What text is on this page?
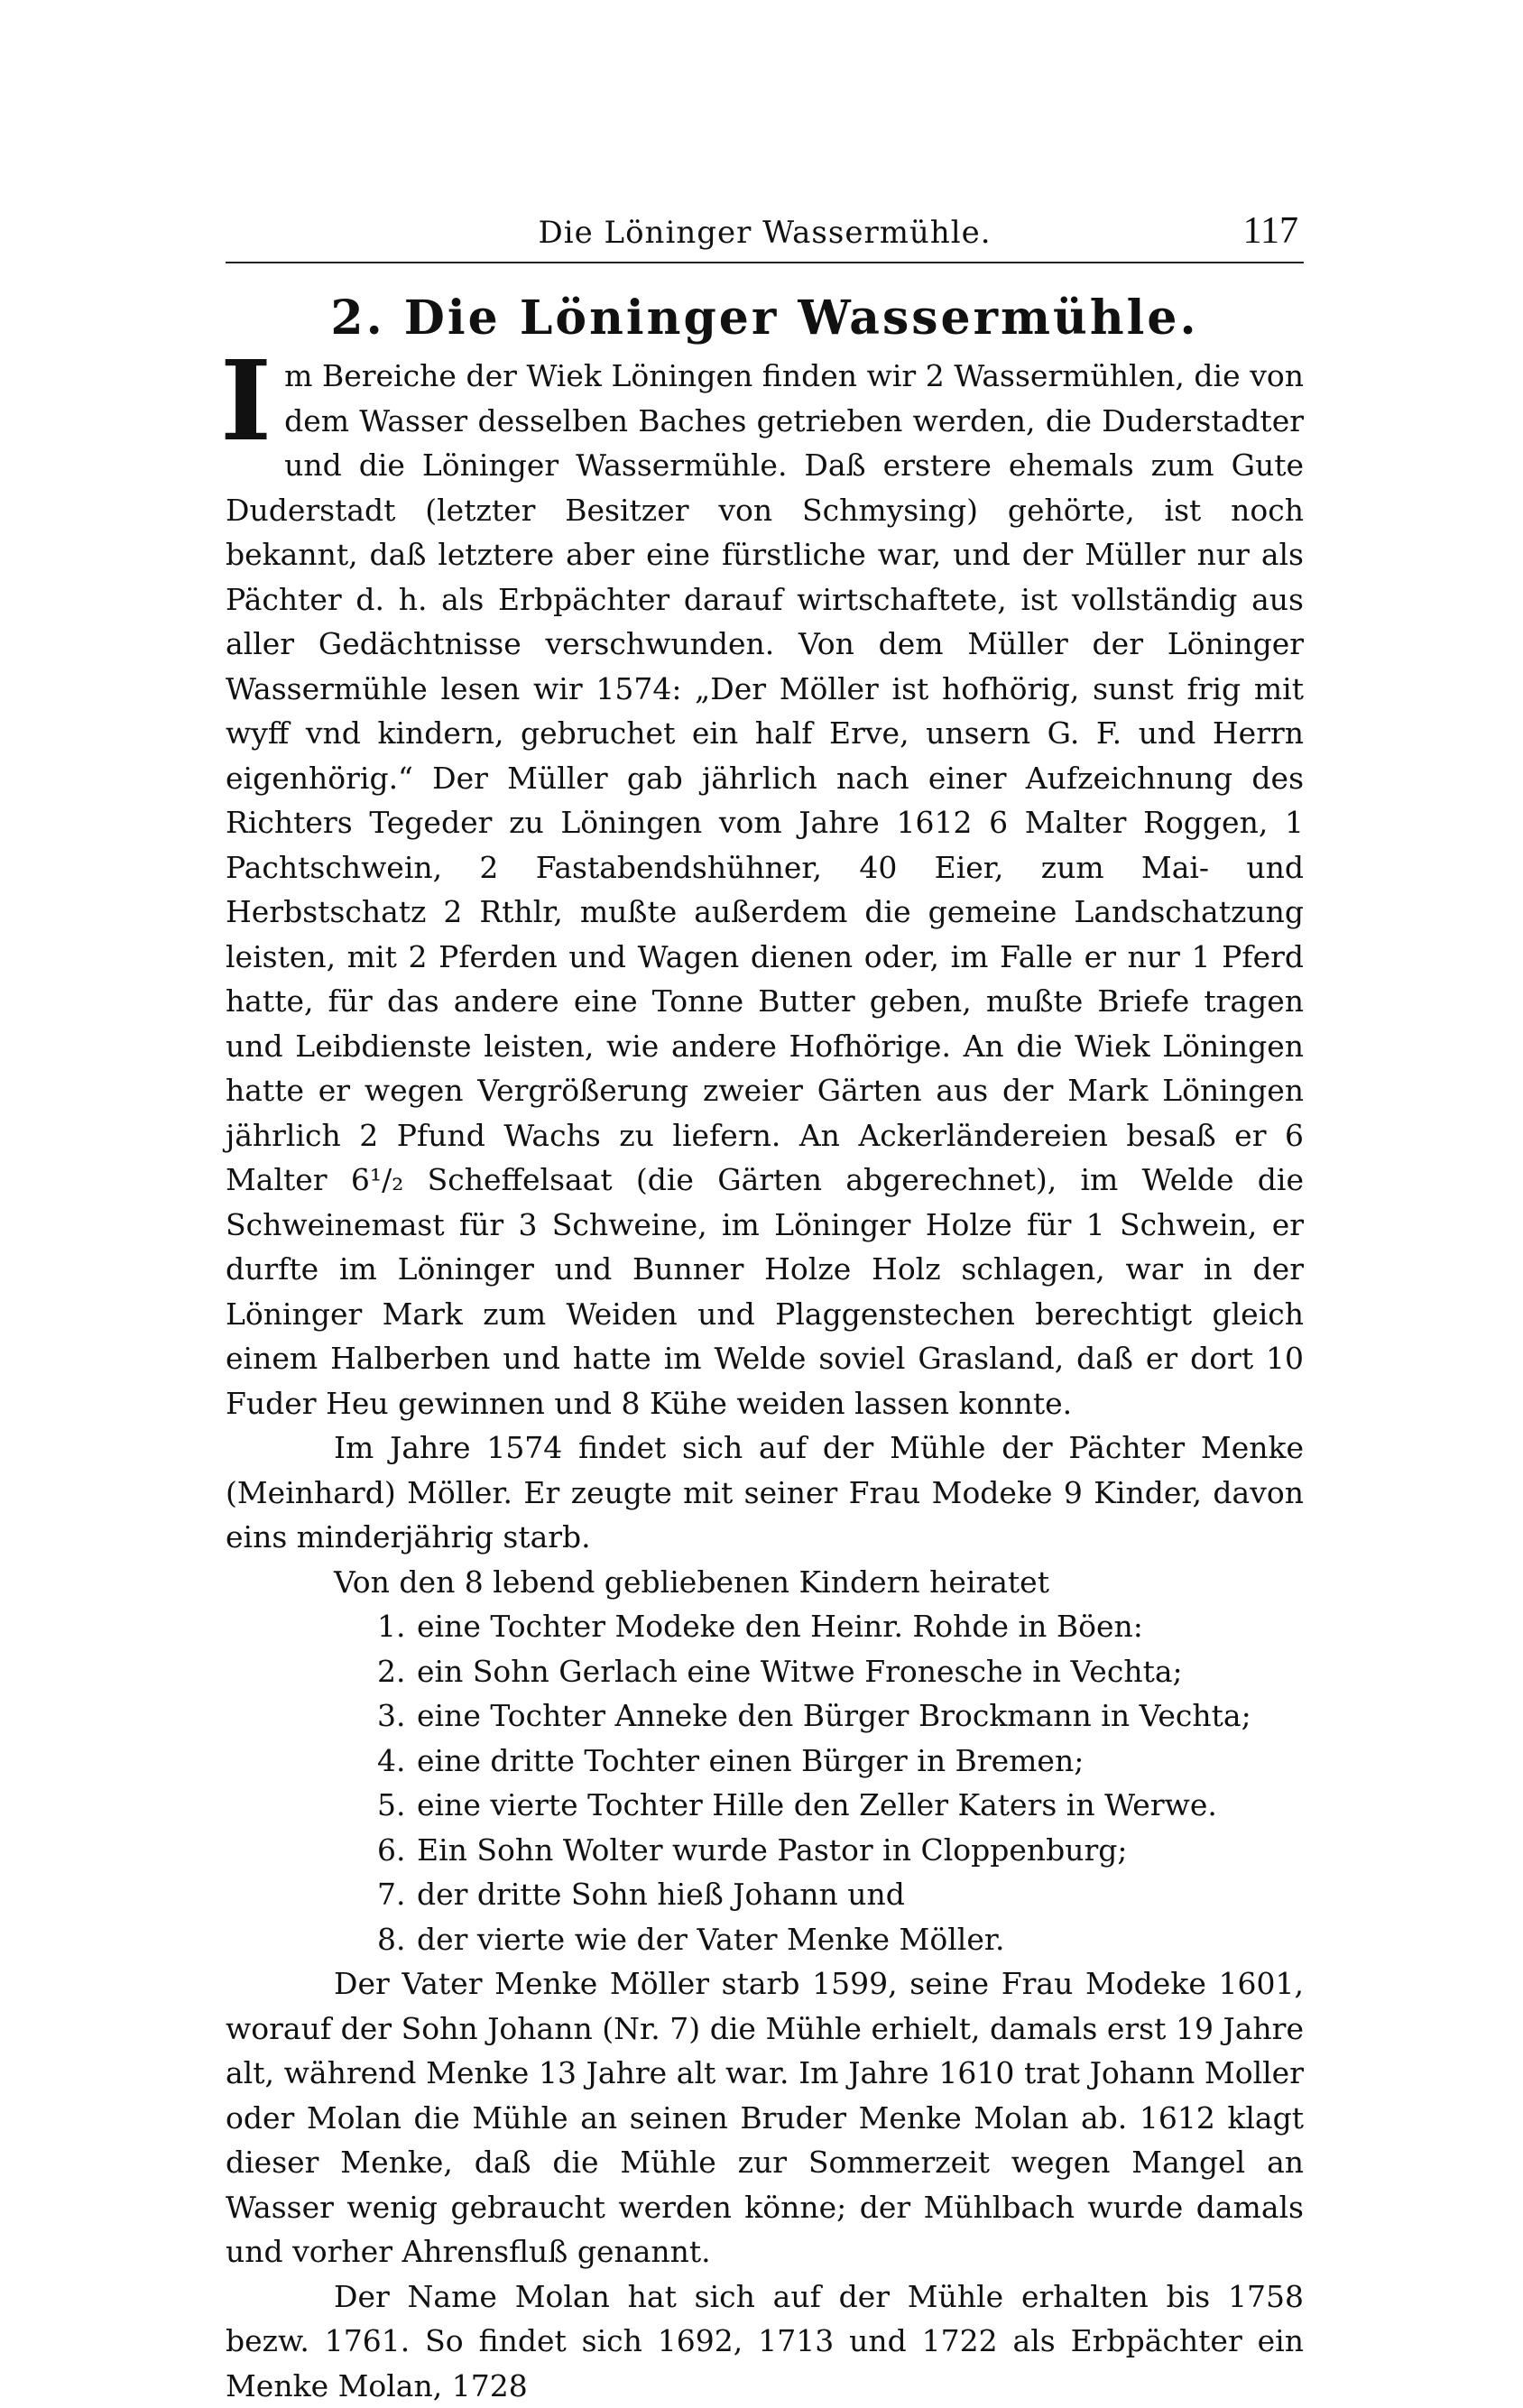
Die Löninger Wassermühle.	117
2. Die Löninger Wassermühle.

Im Bereiche der Wiek Löningen finden wir 2 Wassermühlen, die von dem Wasser desselben Baches getrieben werden, die Duderstadter und die Löninger Wassermühle. Daß erstere ehemals zum Gute Duderstadt (letzter Besitzer von Schmysing) gehörte, ist noch bekannt, daß letztere aber eine fürstliche war, und der Müller nur als Pächter d. h. als Erbpächter darauf wirtschaftete, ist vollständig aus aller Gedächtnisse verschwunden. Von dem Müller der Löninger Wassermühle lesen wir 1574: „Der Möller ist hofhörig, sunst frig mit wyff vnd kindern, gebruchet ein half Erve, unsern G. F. und Herrn eigenhörig.“ Der Müller gab jährlich nach einer Aufzeichnung des Richters Tegeder zu Löningen vom Jahre 1612 6 Malter Roggen, 1 Pachtschwein, 2 Fastabendshühner, 40 Eier, zum Mai- und Herbstschatz 2 Rthlr, mußte außerdem die gemeine Landschatzung leisten, mit 2 Pferden und Wagen dienen oder, im Falle er nur 1 Pferd hatte, für das andere eine Tonne Butter geben, mußte Briefe tragen und Leibdienste leisten, wie andere Hofhörige. An die Wiek Löningen hatte er wegen Vergrößerung zweier Gärten aus der Mark Löningen jährlich 2 Pfund Wachs zu liefern. An Ackerländereien besaß er 6 Malter 6¹/₂ Scheffelsaat (die Gärten abgerechnet), im Welde die Schweinemast für 3 Schweine, im Löninger Holze für 1 Schwein, er durfte im Löninger und Bunner Holze Holz schlagen, war in der Löninger Mark zum Weiden und Plaggenstechen berechtigt gleich einem Halberben und hatte im Welde soviel Grasland, daß er dort 10 Fuder Heu gewinnen und 8 Kühe weiden lassen konnte.

Im Jahre 1574 findet sich auf der Mühle der Pächter Menke (Meinhard) Möller. Er zeugte mit seiner Frau Modeke 9 Kinder, davon eins minderjährig starb.

Von den 8 lebend gebliebenen Kindern heiratet

1. eine Tochter Modeke den Heinr. Rohde in Böen:
2. ein Sohn Gerlach eine Witwe Fronesche in Vechta;
3. eine Tochter Anneke den Bürger Brockmann in Vechta;
4. eine dritte Tochter einen Bürger in Bremen;
5. eine vierte Tochter Hille den Zeller Katers in Werwe.
6. Ein Sohn Wolter wurde Pastor in Cloppenburg;
7. der dritte Sohn hieß Johann und
8. der vierte wie der Vater Menke Möller.

Der Vater Menke Möller starb 1599, seine Frau Modeke 1601, worauf der Sohn Johann (Nr. 7) die Mühle erhielt, damals erst 19 Jahre alt, während Menke 13 Jahre alt war. Im Jahre 1610 trat Johann Moller oder Molan die Mühle an seinen Bruder Menke Molan ab. 1612 klagt dieser Menke, daß die Mühle zur Sommerzeit wegen Mangel an Wasser wenig gebraucht werden könne; der Mühlbach wurde damals und vorher Ahrensfluß genannt.

Der Name Molan hat sich auf der Mühle erhalten bis 1758 bezw. 1761. So findet sich 1692, 1713 und 1722 als Erbpächter ein Menke Molan, 1728
